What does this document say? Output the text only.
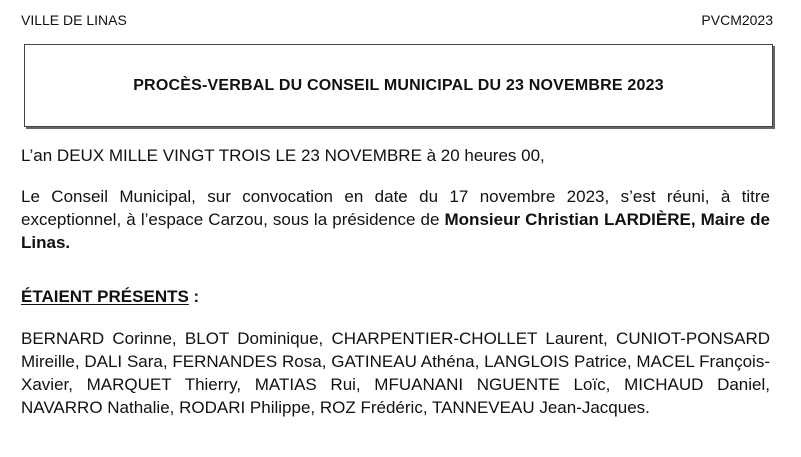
VILLE DE LINAS	PVCM2023
PROCÈS-VERBAL DU CONSEIL MUNICIPAL DU 23 NOVEMBRE 2023

L’an DEUX MILLE VINGT TROIS LE 23 NOVEMBRE à 20 heures 00,

Le Conseil Municipal, sur convocation en date du 17 novembre 2023, s’est réuni, à titre exceptionnel, à l’espace Carzou, sous la présidence de Monsieur Christian LARDIÈRE, Maire de Linas.

ÉTAIENT PRÉSENTS :

BERNARD Corinne, BLOT Dominique, CHARPENTIER-CHOLLET Laurent, CUNIOT-PONSARD Mireille, DALI Sara, FERNANDES Rosa, GATINEAU Athéna, LANGLOIS Patrice, MACEL François-Xavier, MARQUET Thierry, MATIAS Rui, MFUANANI NGUENTE Loïc, MICHAUD Daniel, NAVARRO Nathalie, RODARI Philippe, ROZ Frédéric, TANNEVEAU Jean-Jacques.
